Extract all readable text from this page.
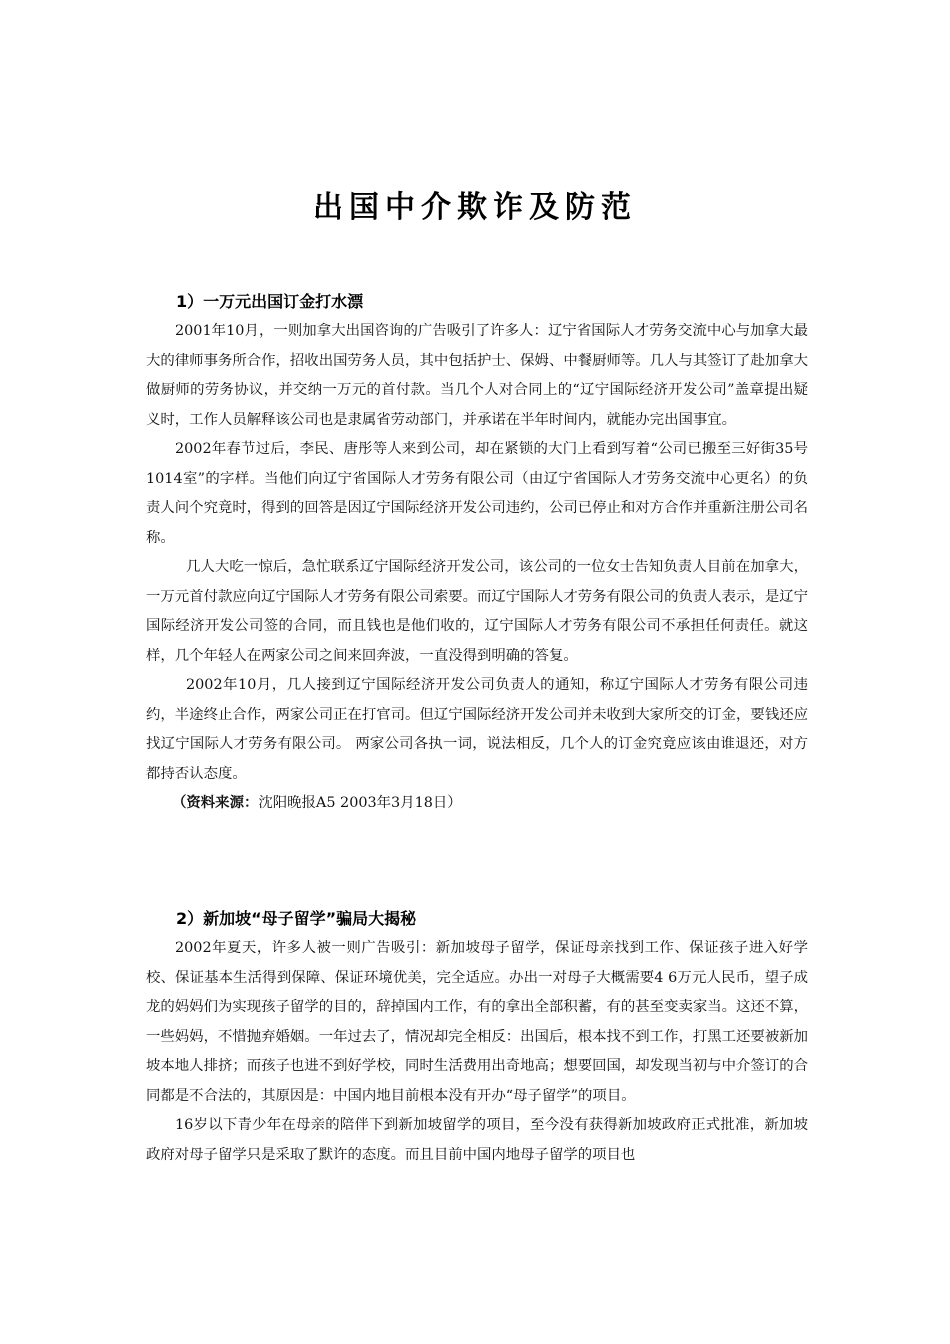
出国中介欺诈及防范
1）一万元出国订金打水漂

2001年10月，一则加拿大出国咨询的广告吸引了许多人：辽宁省国际人才劳务交流中心与加拿大最大的律师事务所合作，招收出国劳务人员，其中包括护士、保姆、中餐厨师等。几人与其签订了赴加拿大做厨师的劳务协议，并交纳一万元的首付款。当几个人对合同上的“辽宁国际经济开发公司”盖章提出疑义时，工作人员解释该公司也是隶属省劳动部门，并承诺在半年时间内，就能办完出国事宜。

2002年春节过后，李民、唐彤等人来到公司，却在紧锁的大门上看到写着“公司已搬至三好街35号1014室”的字样。当他们向辽宁省国际人才劳务有限公司（由辽宁省国际人才劳务交流中心更名）的负责人问个究竟时，得到的回答是因辽宁国际经济开发公司违约，公司已停止和对方合作并重新注册公司名称。

几人大吃一惊后，急忙联系辽宁国际经济开发公司，该公司的一位女士告知负责人目前在加拿大，一万元首付款应向辽宁国际人才劳务有限公司索要。而辽宁国际人才劳务有限公司的负责人表示，是辽宁国际经济开发公司签的合同，而且钱也是他们收的，辽宁国际人才劳务有限公司不承担任何责任。就这样，几个年轻人在两家公司之间来回奔波，一直没得到明确的答复。

2002年10月，几人接到辽宁国际经济开发公司负责人的通知，称辽宁国际人才劳务有限公司违约，半途终止合作，两家公司正在打官司。但辽宁国际经济开发公司并未收到大家所交的订金，要钱还应找辽宁国际人才劳务有限公司。 两家公司各执一词，说法相反，几个人的订金究竟应该由谁退还，对方都持否认态度。

（资料来源：沈阳晚报A5 2003年3月18日）

2）新加坡“母子留学”骗局大揭秘

2002年夏天，许多人被一则广告吸引：新加坡母子留学，保证母亲找到工作、保证孩子进入好学校、保证基本生活得到保障、保证环境优美，完全适应。办出一对母子大概需要4 6万元人民币，望子成龙的妈妈们为实现孩子留学的目的，辞掉国内工作，有的拿出全部积蓄，有的甚至变卖家当。这还不算，一些妈妈，不惜抛弃婚姻。一年过去了，情况却完全相反：出国后，根本找不到工作，打黑工还要被新加坡本地人排挤；而孩子也进不到好学校，同时生活费用出奇地高；想要回国，却发现当初与中介签订的合同都是不合法的，其原因是：中国内地目前根本没有开办“母子留学”的项目。

16岁以下青少年在母亲的陪伴下到新加坡留学的项目，至今没有获得新加坡政府正式批准，新加坡政府对母子留学只是采取了默许的态度。而且目前中国内地母子留学的项目也
